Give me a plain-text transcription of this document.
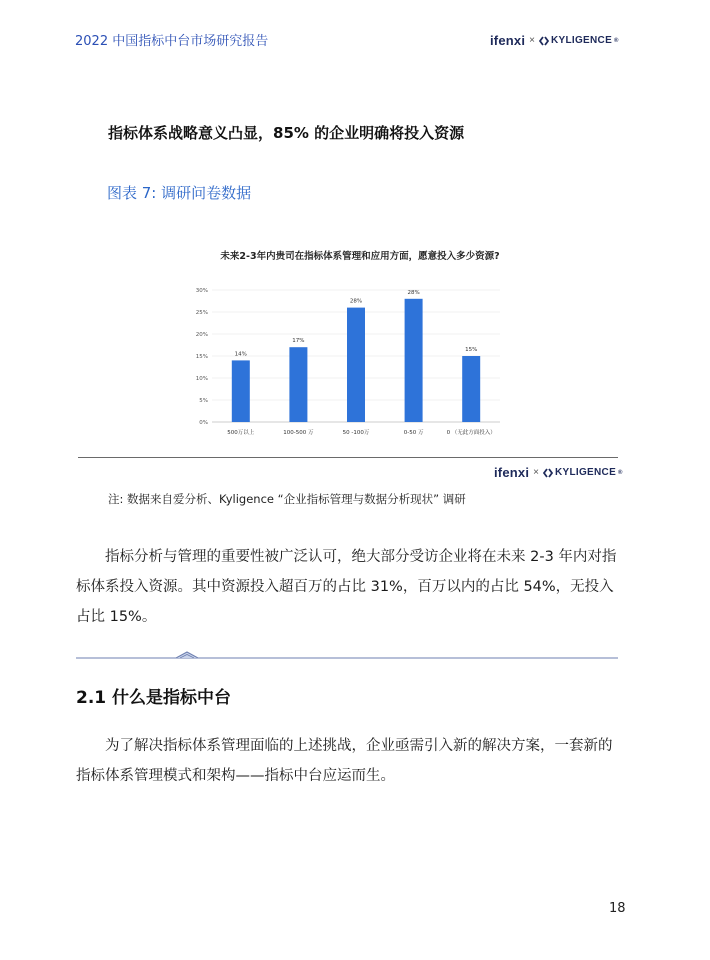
2022 中国指标中台市场研究报告	ifenxi × KYLIGENCE ®
指标体系战略意义凸显，85% 的企业明确将投入资源
图表 7: 调研问卷数据
未来2-3年内贵司在指标体系管理和应用方面，愿意投入多少资源?
0%
5%
10%
15%
20%
25%
30%
14%
17%
28%
28%
15%
500万以上	100-500 万	50 -100万	0-50 万	0 （无此方面投入）
ifenxi × KYLIGENCE ®
注: 数据来自爱分析、Kyligence “企业指标管理与数据分析现状” 调研

指标分析与管理的重要性被广泛认可，绝大部分受访企业将在未来 2-3 年内对指标体系投入资源。其中资源投入超百万的占比 31%，百万以内的占比 54%，无投入占比 15%。

2.1 什么是指标中台

为了解决指标体系管理面临的上述挑战，企业亟需引入新的解决方案，一套新的指标体系管理模式和架构——指标中台应运而生。

18
